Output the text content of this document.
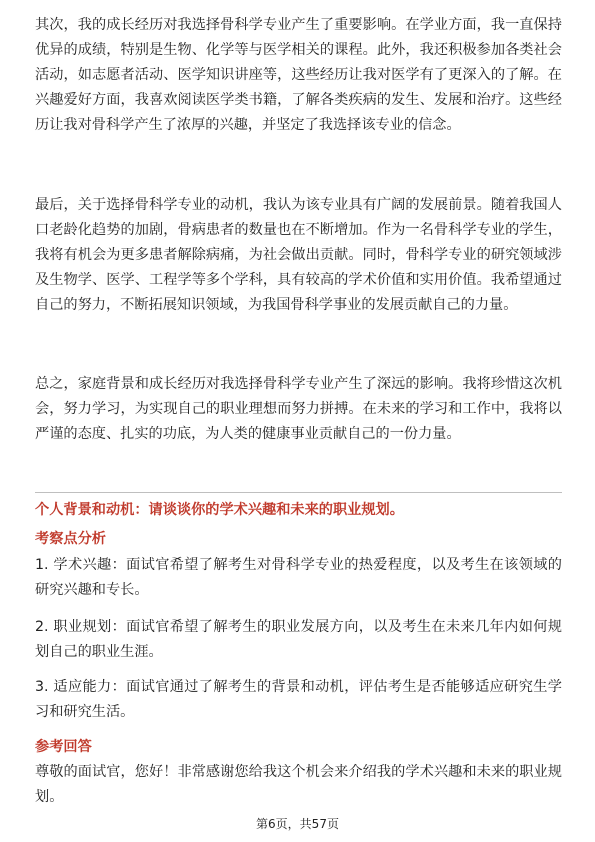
其次，我的成长经历对我选择骨科学专业产生了重要影响。在学业方面，我一直保持优异的成绩，特别是生物、化学等与医学相关的课程。此外，我还积极参加各类社会活动，如志愿者活动、医学知识讲座等，这些经历让我对医学有了更深入的了解。在兴趣爱好方面，我喜欢阅读医学类书籍，了解各类疾病的发生、发展和治疗。这些经历让我对骨科学产生了浓厚的兴趣，并坚定了我选择该专业的信念。

最后，关于选择骨科学专业的动机，我认为该专业具有广阔的发展前景。随着我国人口老龄化趋势的加剧，骨病患者的数量也在不断增加。作为一名骨科学专业的学生，我将有机会为更多患者解除病痛，为社会做出贡献。同时，骨科学专业的研究领域涉及生物学、医学、工程学等多个学科，具有较高的学术价值和实用价值。我希望通过自己的努力，不断拓展知识领域，为我国骨科学事业的发展贡献自己的力量。

总之，家庭背景和成长经历对我选择骨科学专业产生了深远的影响。我将珍惜这次机会，努力学习，为实现自己的职业理想而努力拼搏。在未来的学习和工作中，我将以严谨的态度、扎实的功底，为人类的健康事业贡献自己的一份力量。

个人背景和动机：请谈谈你的学术兴趣和未来的职业规划。

考察点分析

1. 学术兴趣：面试官希望了解考生对骨科学专业的热爱程度，以及考生在该领域的研究兴趣和专长。

2. 职业规划：面试官希望了解考生的职业发展方向，以及考生在未来几年内如何规划自己的职业生涯。

3. 适应能力：面试官通过了解考生的背景和动机，评估考生是否能够适应研究生学习和研究生活。

参考回答

尊敬的面试官，您好！非常感谢您给我这个机会来介绍我的学术兴趣和未来的职业规划。

第6页，共57页
